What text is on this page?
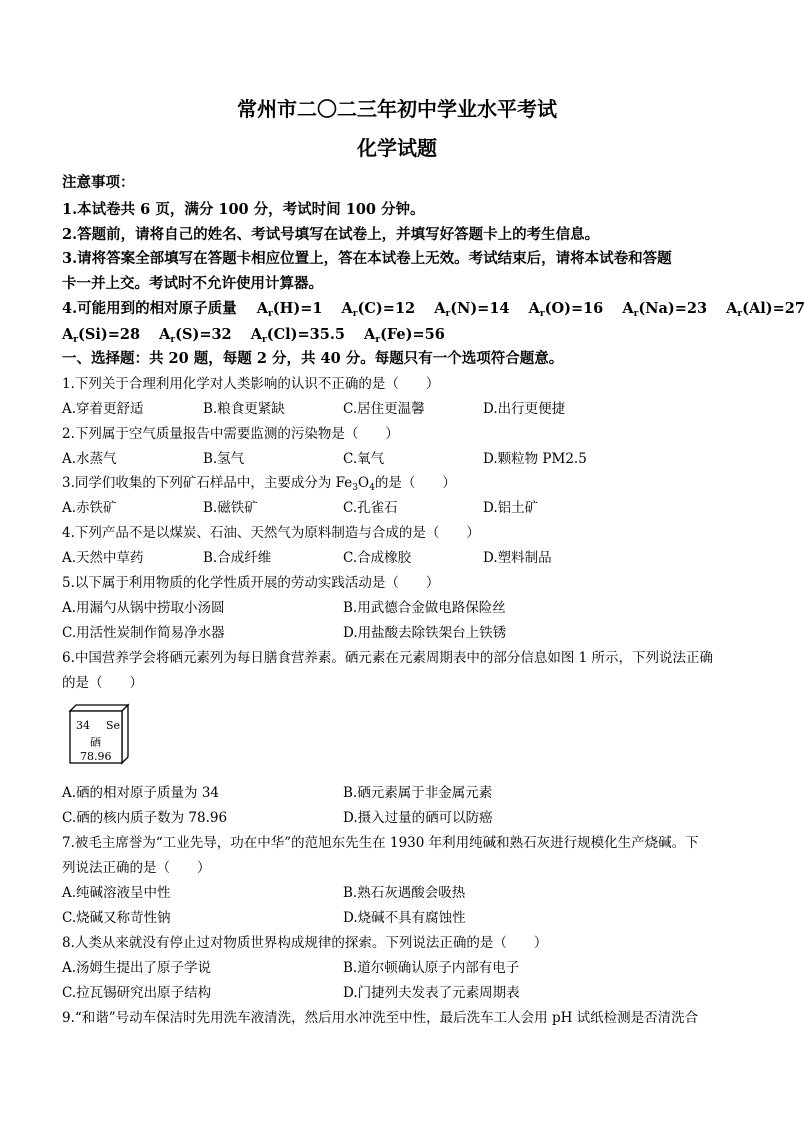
常州市二〇二三年初中学业水平考试
化学试题
注意事项：
1.本试卷共 6 页，满分 100 分，考试时间 100 分钟。
2.答题前，请将自己的姓名、考试号填写在试卷上，并填写好答题卡上的考生信息。
3.请将答案全部填写在答题卡相应位置上，答在本试卷上无效。考试结束后，请将本试卷和答题
卡一并上交。考试时不允许使用计算器。
4.可能用到的相对原子质量 $A_r(H)=1$ $A_r(C)=12$ $A_r(N)=14$ $A_r(O)=16$ $A_r(Na)=23$ $A_r(Al)=27$
$A_r(Si)=28$ $A_r(S)=32$ $A_r(Cl)=35.5$ $A_r(Fe)=56$
一、选择题：共 20 题，每题 2 分，共 40 分。每题只有一个选项符合题意。
1.下列关于合理利用化学对人类影响的认识不正确的是（　　）
A.穿着更舒适	B.粮食更紧缺	C.居住更温馨	D.出行更便捷
2.下列属于空气质量报告中需要监测的污染物是（　　）
A.水蒸气	B.氢气	C.氧气	D.颗粒物 PM2.5
3.同学们收集的下列矿石样品中，主要成分为 $Fe_3O_4$的是（　　）
A.赤铁矿	B.磁铁矿	C.孔雀石	D.铝土矿
4.下列产品不是以煤炭、石油、天然气为原料制造与合成的是（　　）
A.天然中草药	B.合成纤维	C.合成橡胶	D.塑料制品
5.以下属于利用物质的化学性质开展的劳动实践活动是（　　）
A.用漏勺从锅中捞取小汤圆	B.用武德合金做电路保险丝
C.用活性炭制作简易净水器	D.用盐酸去除铁架台上铁锈
6.中国营养学会将硒元素列为每日膳食营养素。硒元素在元素周期表中的部分信息如图 1 所示，下列说法正确
的是（　　）
34 Se
硒
78.96
A.硒的相对原子质量为 34	B.硒元素属于非金属元素
C.硒的核内质子数为 78.96	D.摄入过量的硒可以防癌
7.被毛主席誉为“工业先导，功在中华”的范旭东先生在 1930 年利用纯碱和熟石灰进行规模化生产烧碱。下
列说法正确的是（　　）
A.纯碱溶液呈中性	B.熟石灰遇酸会吸热
C.烧碱又称苛性钠	D.烧碱不具有腐蚀性
8.人类从来就没有停止过对物质世界构成规律的探索。下列说法正确的是（　　）
A.汤姆生提出了原子学说	B.道尔顿确认原子内部有电子
C.拉瓦锡研究出原子结构	D.门捷列夫发表了元素周期表
9.“和谐”号动车保洁时先用洗车液清洗，然后用水冲洗至中性，最后洗车工人会用 pH 试纸检测是否清洗合
